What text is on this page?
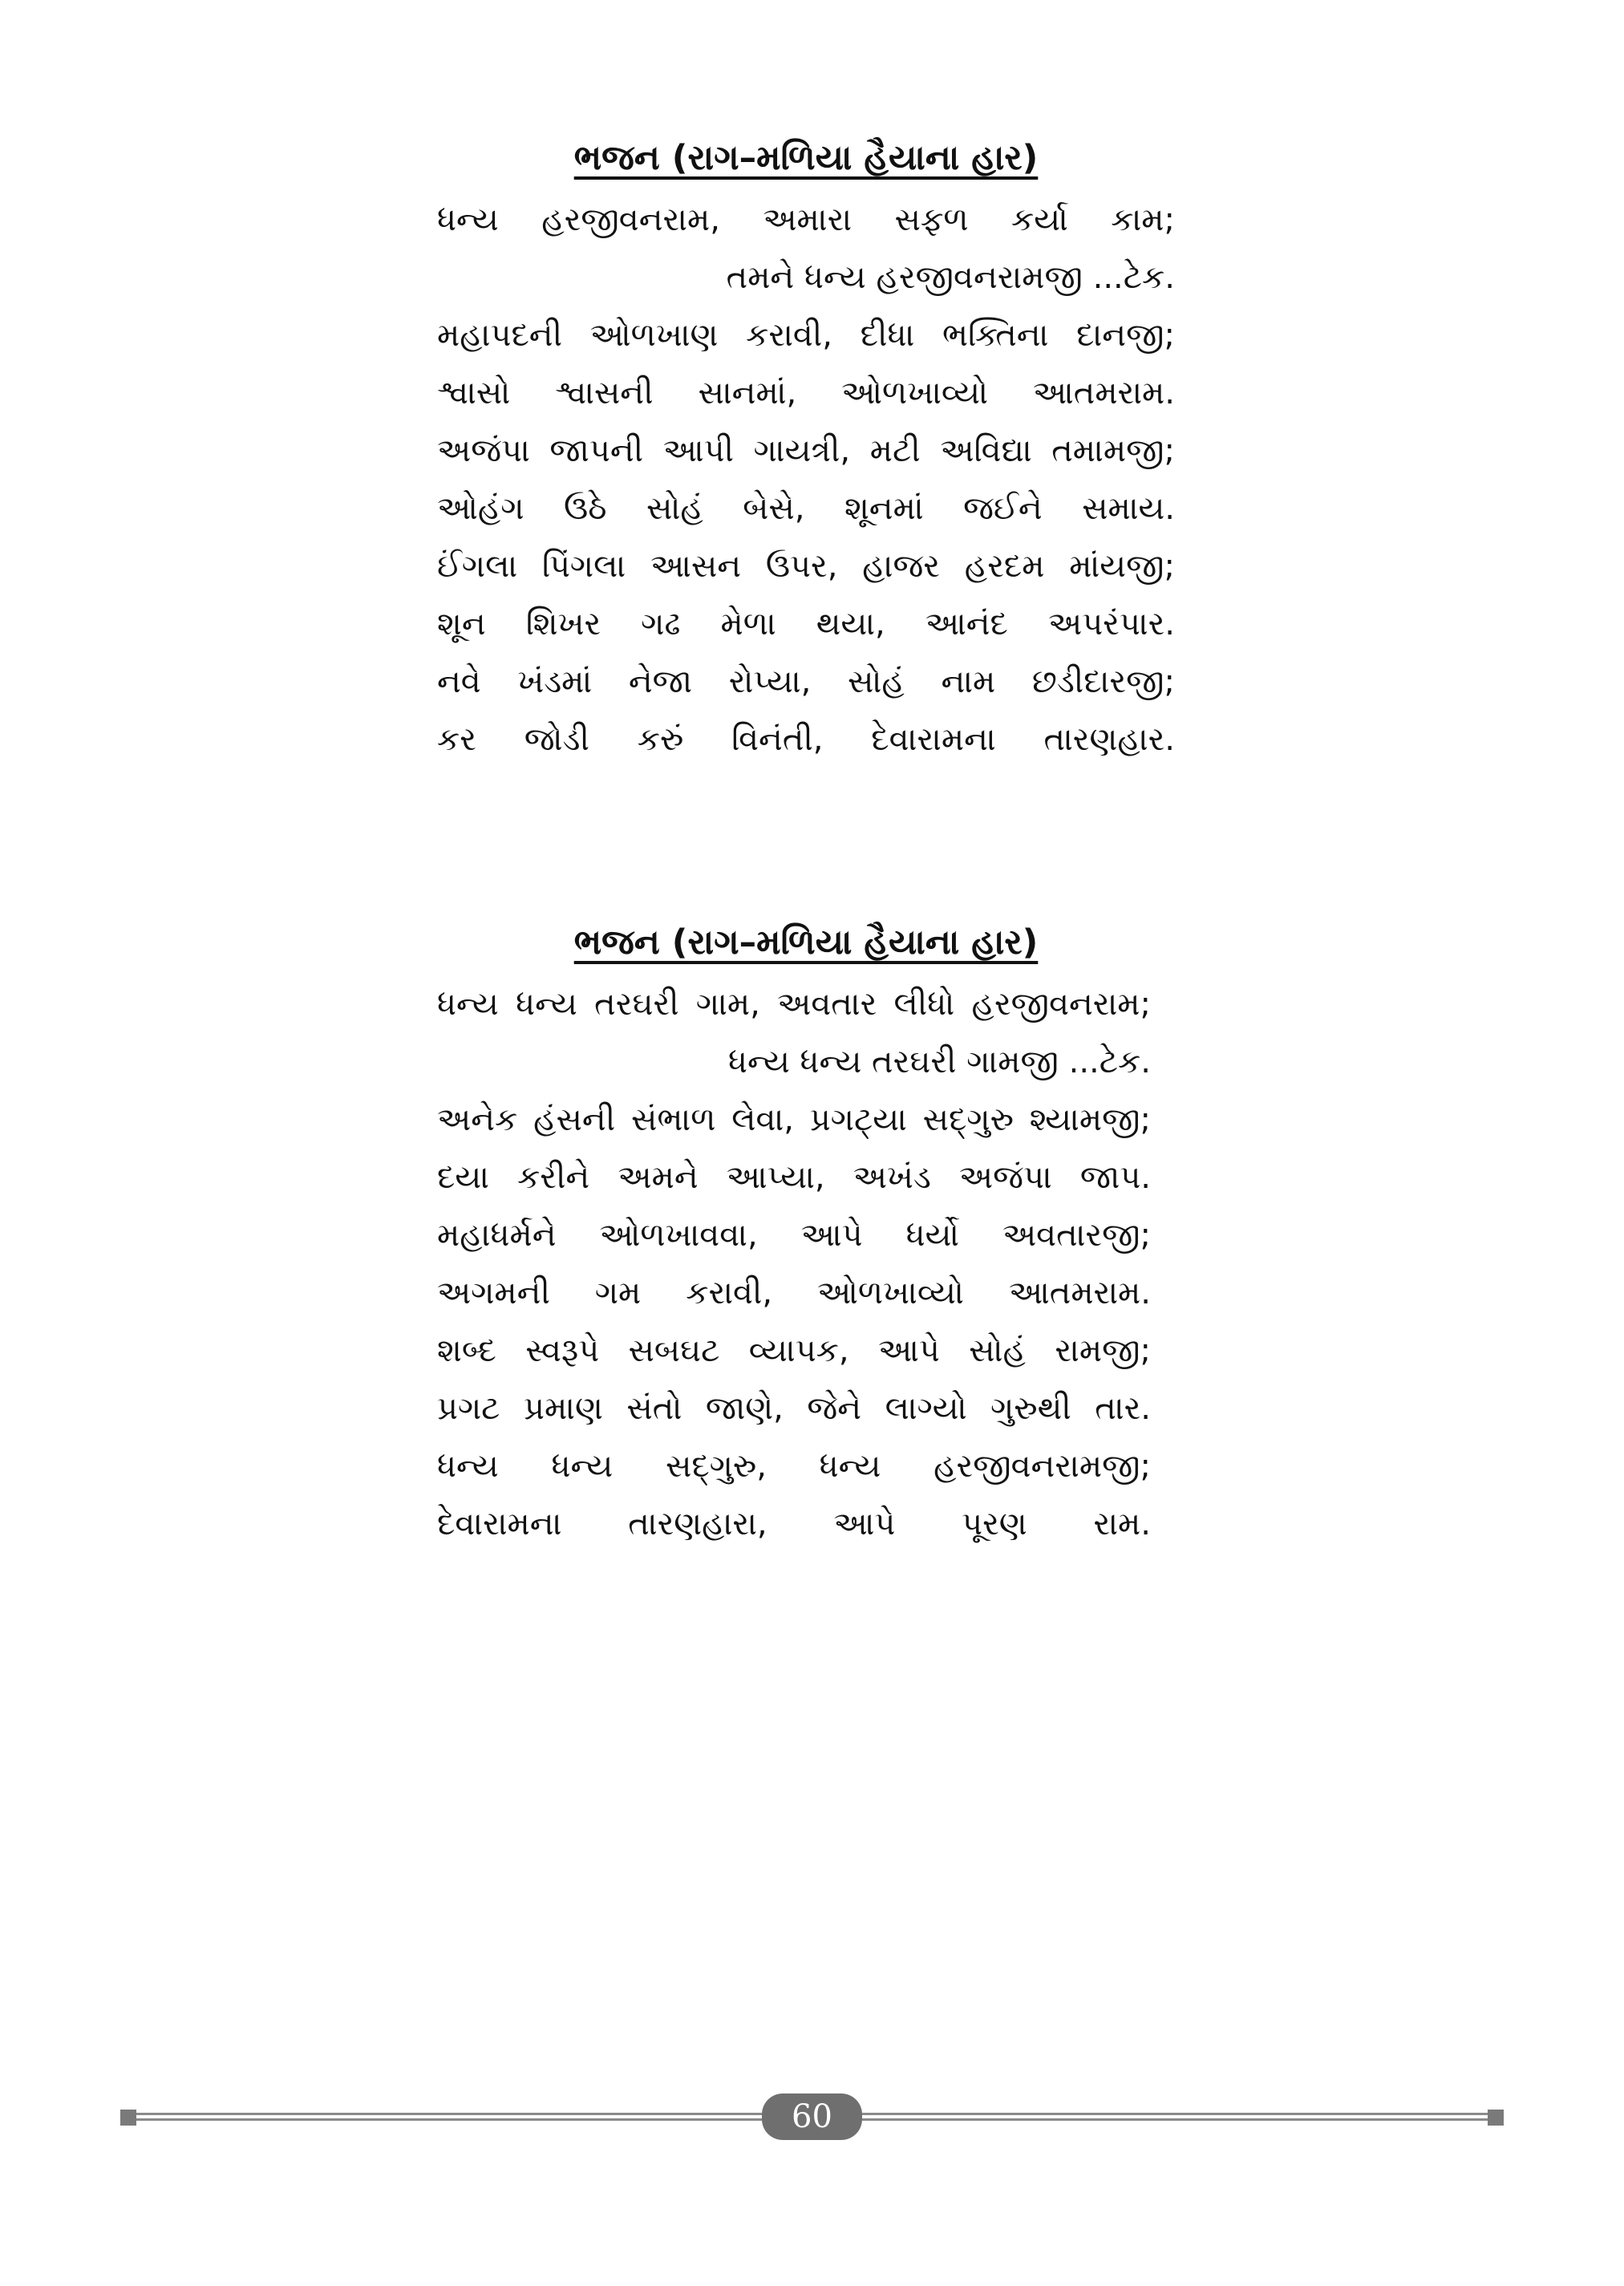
ભજન (રાગ–મળિયા હૈયાના હાર)
ધન્ય હરજીવનરામ, અમારા સફળ કર્યા કામ;
તમને ધન્ય હરજીવનરામજી ...ટેક.
મહાપદની ઓળખાણ કરાવી, દીધા ભક્તિના દાનજી;
શ્વાસો શ્વાસની સાનમાં, ઓળખાવ્યો આતમરામ.
અજંપા જાપની આપી ગાયત્રી, મટી અવિદ્યા તમામજી;
ઓહંગ ઉઠે સોહં બેસે, શૂનમાં જઈને સમાય.
ઈંગલા પિંગલા આસન ઉપર, હાજર હરદમ માંયજી;
શૂન શિખર ગઢ મેળા થયા, આનંદ અપરંપાર.
નવે ખંડમાં નેજા રોપ્યા, સોહં નામ છડીદારજી;
કર જોડી કરું વિનંતી, દેવારામના તારણહાર.
ભજન (રાગ–મળિયા હૈયાના હાર)
ધન્ય ધન્ય તરઘરી ગામ, અવતાર લીધો હરજીવનરામ;
ધન્ય ધન્ય તરઘરી ગામજી ...ટેક.
અનેક હંસની સંભાળ લેવા, પ્રગટ્યા સદ્‌ગુરુ શ્યામજી;
દયા કરીને અમને આપ્યા, અખંડ અજંપા જાપ.
મહાધર્મને ઓળખાવવા, આપે ધર્યો અવતારજી;
અગમની ગમ કરાવી, ઓળખાવ્યો આતમરામ.
શબ્દ સ્વરૂપે સબઘટ વ્યાપક, આપે સોહં રામજી;
પ્રગટ પ્રમાણ સંતો જાણે, જેને લાગ્યો ગુરુથી તાર.
ધન્ય ધન્ય સદ્‌ગુરુ, ધન્ય હરજીવનરામજી;
દેવારામના તારણહારા, આપે પૂરણ રામ.
60
